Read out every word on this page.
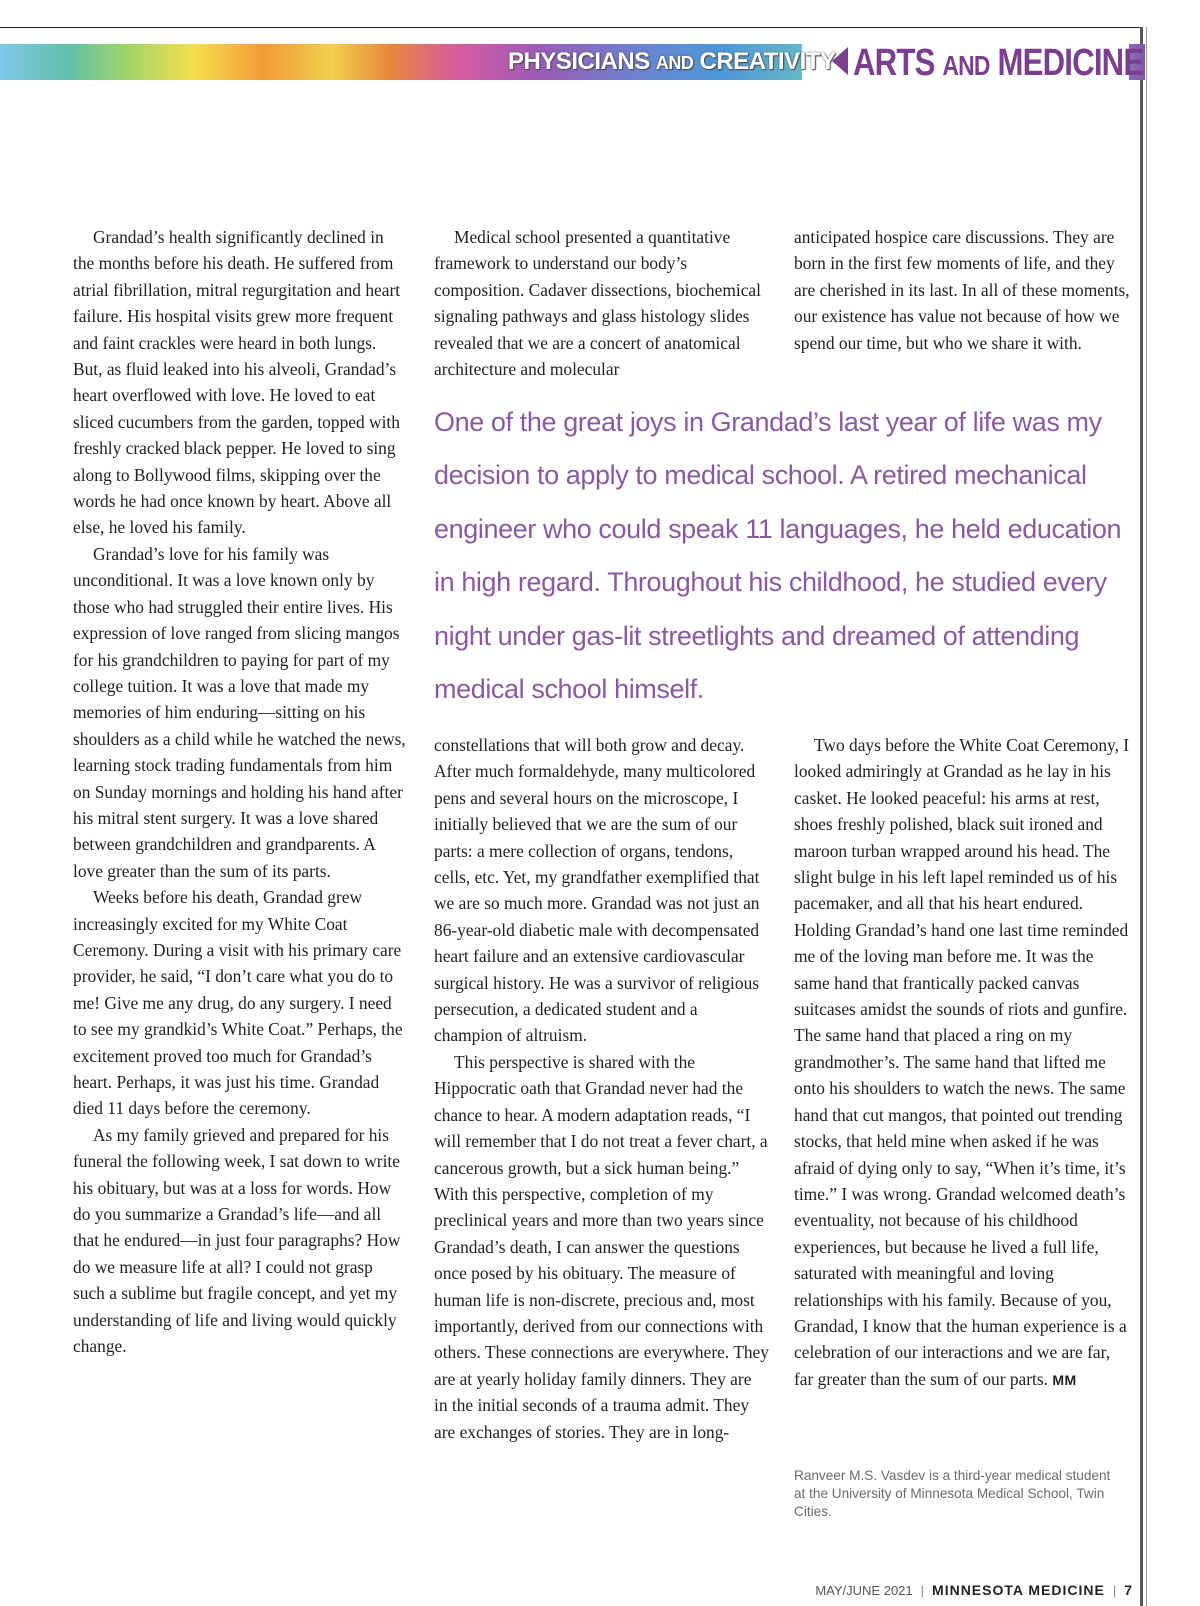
PHYSICIANS AND CREATIVITY ARTS AND MEDICINE

Grandad’s health significantly declined in the months before his death. He suffered from atrial fibrillation, mitral regurgitation and heart failure. His hospital visits grew more frequent and faint crackles were heard in both lungs. But, as fluid leaked into his alveoli, Grandad’s heart overflowed with love. He loved to eat sliced cucumbers from the garden, topped with freshly cracked black pepper. He loved to sing along to Bollywood films, skipping over the words he had once known by heart. Above all else, he loved his family.

Grandad’s love for his family was unconditional. It was a love known only by those who had struggled their entire lives. His expression of love ranged from slicing mangos for his grandchildren to paying for part of my college tuition. It was a love that made my memories of him enduring—sitting on his shoulders as a child while he watched the news, learning stock trading fundamentals from him on Sunday mornings and holding his hand after his mitral stent surgery. It was a love shared between grandchildren and grandparents. A love greater than the sum of its parts.

Weeks before his death, Grandad grew increasingly excited for my White Coat Ceremony. During a visit with his primary care provider, he said, “I don’t care what you do to me! Give me any drug, do any surgery. I need to see my grandkid’s White Coat.” Perhaps, the excitement proved too much for Grandad’s heart. Perhaps, it was just his time. Grandad died 11 days before the ceremony.

As my family grieved and prepared for his funeral the following week, I sat down to write his obituary, but was at a loss for words. How do you summarize a Grandad’s life—and all that he endured—in just four paragraphs? How do we measure life at all? I could not grasp such a sublime but fragile concept, and yet my understanding of life and living would quickly change.

Medical school presented a quantitative framework to understand our body’s composition. Cadaver dissections, biochemical signaling pathways and glass histology slides revealed that we are a concert of anatomical architecture and molecular

anticipated hospice care discussions. They are born in the first few moments of life, and they are cherished in its last. In all of these moments, our existence has value not because of how we spend our time, but who we share it with.

One of the great joys in Grandad’s last year of life was my decision to apply to medical school. A retired mechanical engineer who could speak 11 languages, he held education in high regard. Throughout his childhood, he studied every night under gas-lit streetlights and dreamed of attending medical school himself.

constellations that will both grow and decay. After much formaldehyde, many multicolored pens and several hours on the microscope, I initially believed that we are the sum of our parts: a mere collection of organs, tendons, cells, etc. Yet, my grandfather exemplified that we are so much more. Grandad was not just an 86-year-old diabetic male with decompensated heart failure and an extensive cardiovascular surgical history. He was a survivor of religious persecution, a dedicated student and a champion of altruism.

This perspective is shared with the Hippocratic oath that Grandad never had the chance to hear. A modern adaptation reads, “I will remember that I do not treat a fever chart, a cancerous growth, but a sick human being.” With this perspective, completion of my preclinical years and more than two years since Grandad’s death, I can answer the questions once posed by his obituary. The measure of human life is non-discrete, precious and, most importantly, derived from our connections with others. These connections are everywhere. They are at yearly holiday family dinners. They are in the initial seconds of a trauma admit. They are exchanges of stories. They are in long-

Two days before the White Coat Ceremony, I looked admiringly at Grandad as he lay in his casket. He looked peaceful: his arms at rest, shoes freshly polished, black suit ironed and maroon turban wrapped around his head. The slight bulge in his left lapel reminded us of his pacemaker, and all that his heart endured. Holding Grandad’s hand one last time reminded me of the loving man before me. It was the same hand that frantically packed canvas suitcases amidst the sounds of riots and gunfire. The same hand that placed a ring on my grandmother’s. The same hand that lifted me onto his shoulders to watch the news. The same hand that cut mangos, that pointed out trending stocks, that held mine when asked if he was afraid of dying only to say, “When it’s time, it’s time.” I was wrong. Grandad welcomed death’s eventuality, not because of his childhood experiences, but because he lived a full life, saturated with meaningful and loving relationships with his family. Because of you, Grandad, I know that the human experience is a celebration of our interactions and we are far, far greater than the sum of our parts. MM

Ranveer M.S. Vasdev is a third-year medical student at the University of Minnesota Medical School, Twin Cities.
MAY/JUNE 2021 | MINNESOTA MEDICINE | 7
